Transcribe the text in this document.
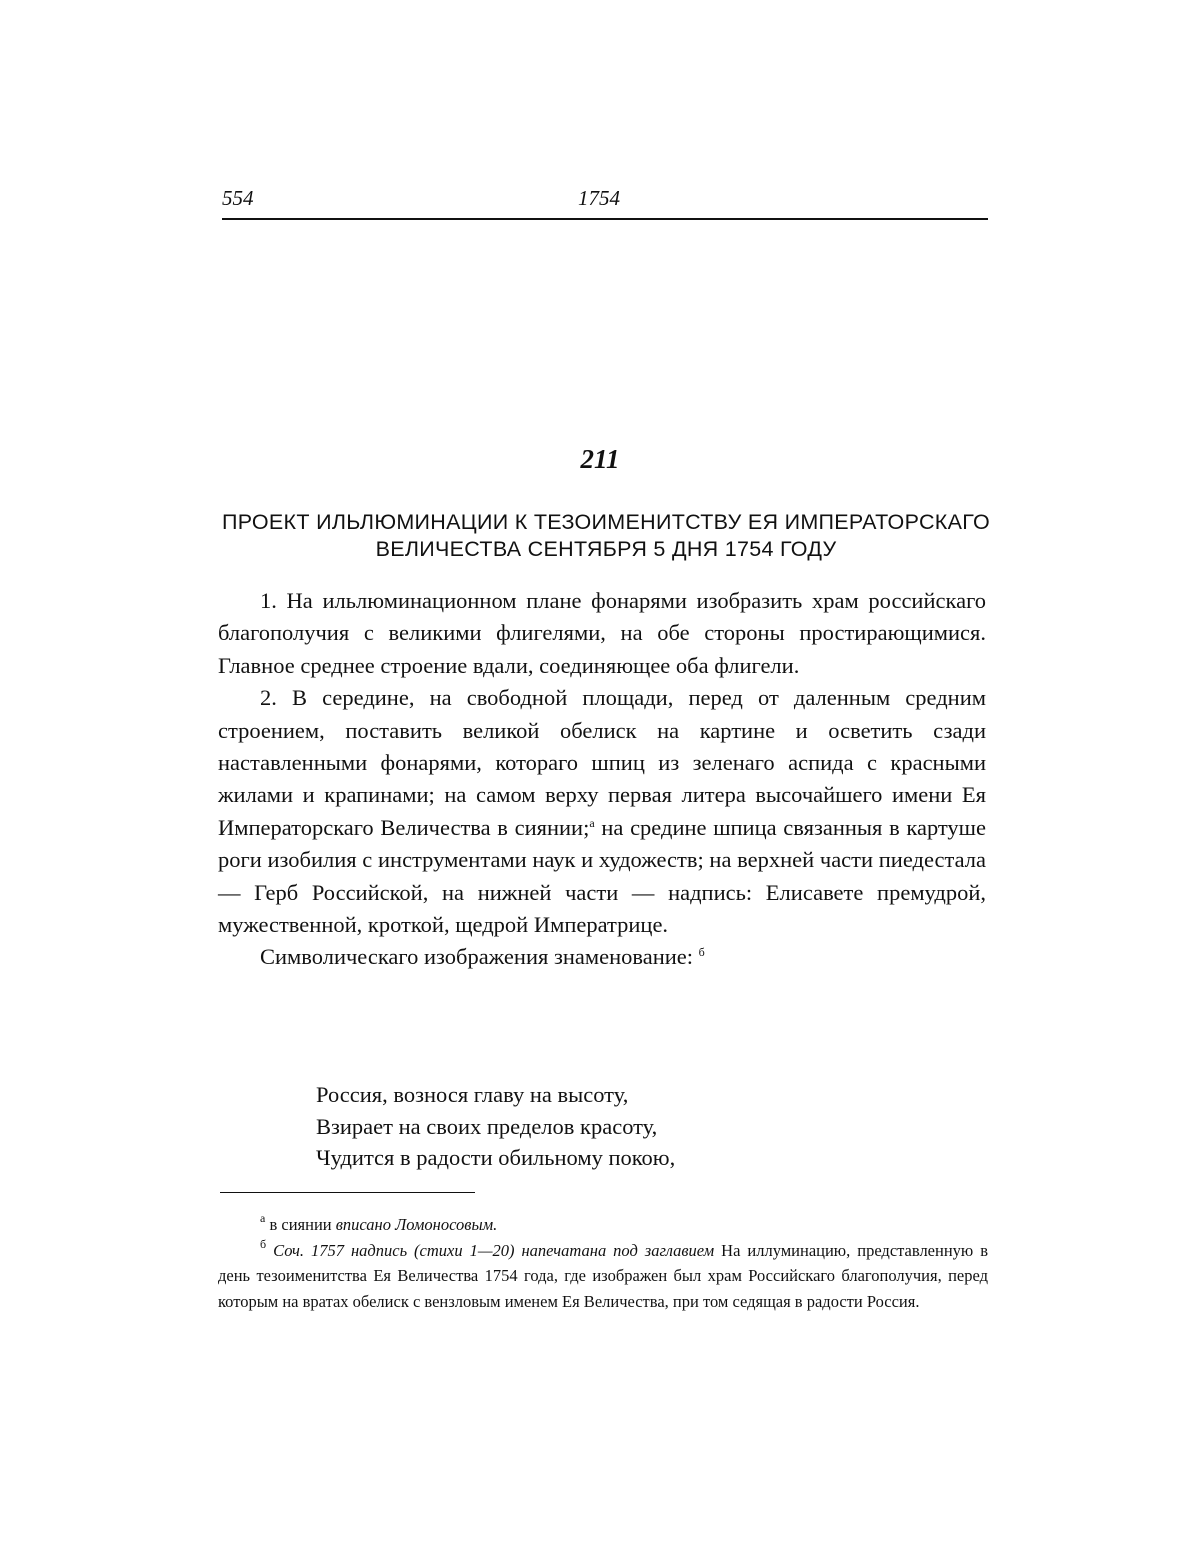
554	1754
211
ПРОЕКТ ИЛЬЛЮМИНАЦИИ К ТЕЗОИМЕНИТСТВУ ЕЯ ИМПЕРАТОРСКАГО ВЕЛИЧЕСТВА СЕНТЯБРЯ 5 ДНЯ 1754 ГОДУ

1. На ильлюминационном плане фонарями изобразить храм российскаго благополучия с великими флигелями, на обе стороны простирающимися. Главное среднее строение вдали, соединяющее оба флигели.

2. В середине, на свободной площади, перед от даленным средним строением, поставить великой обелиск на картине и осветить сзади наставленными фонарями, котораго шпиц из зеленаго аспида с красными жилами и крапинами; на самом верху первая литера высочайшего имени Ея Императорскаго Величества в сиянии;$^а$ на средине шпица связанныя в картуше роги изобилия с инструментами наук и художеств; на верхней части пиедестала — Герб Российской, на нижней части — надпись: Елисавете премудрой, мужественной, кроткой, щедрой Императрице.

Символическаго изображения знаменование: $^б$

Россия, вознося главу на высоту,
Взирает на своих пределов красоту,
Чудится в радости обильному покою,

$^а$ в сиянии вписано Ломоносовым.

$^б$ Соч. 1757 надпись (стихи 1—20) напечатана под заглавием На иллуминацию, представленную в день тезоименитства Ея Величества 1754 года, где изображен был храм Российскаго благополучия, перед которым на вратах обелиск с вензловым именем Ея Величества, при том седящая в радости Россия.
